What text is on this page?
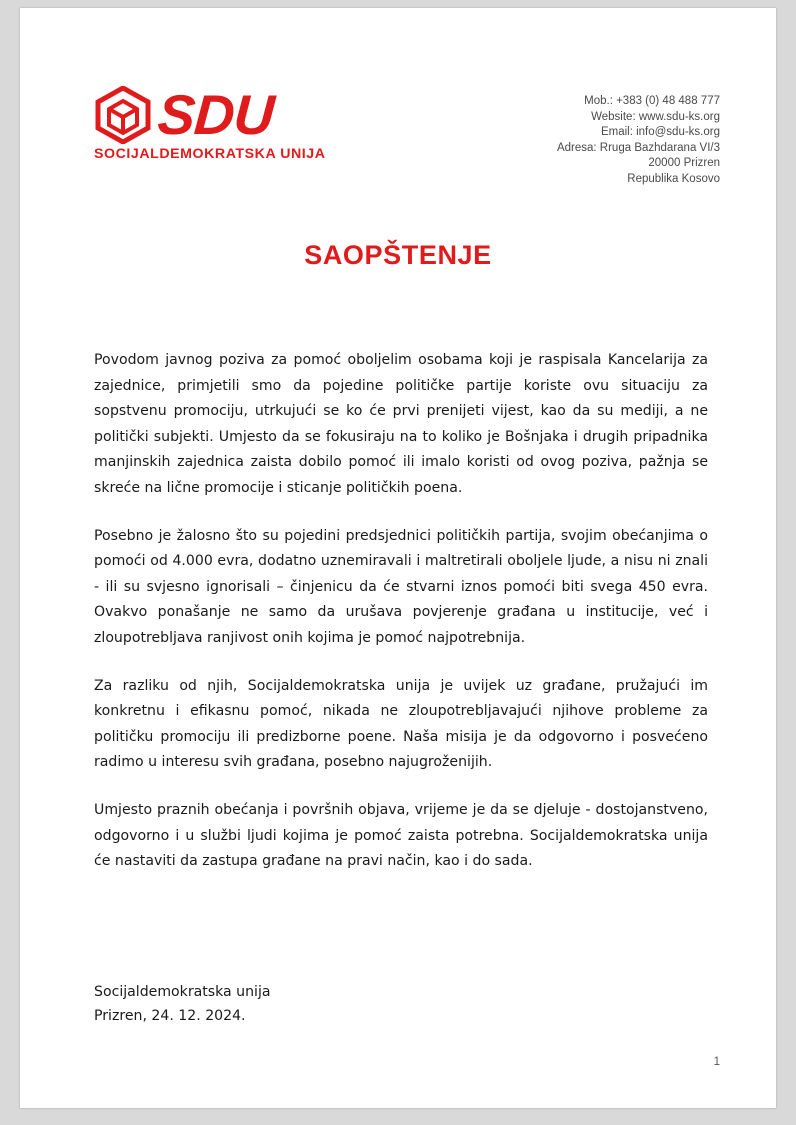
SDU
SOCIJALDEMOKRATSKA UNIJA
Mob.: +383 (0) 48 488 777
Website: www.sdu-ks.org
Email: info@sdu-ks.org
Adresa: Rruga Bazhdarana VI/3
20000 Prizren
Republika Kosovo
SAOPŠTENJE

Povodom javnog poziva za pomoć oboljelim osobama koji je raspisala Kancelarija za zajednice, primjetili smo da pojedine političke partije koriste ovu situaciju za sopstvenu promociju, utrkujući se ko će prvi prenijeti vijest, kao da su mediji, a ne politički subjekti. Umjesto da se fokusiraju na to koliko je Bošnjaka i drugih pripadnika manjinskih zajednica zaista dobilo pomoć ili imalo koristi od ovog poziva, pažnja se skreće na lične promocije i sticanje političkih poena.

Posebno je žalosno što su pojedini predsjednici političkih partija, svojim obećanjima o pomoći od 4.000 evra, dodatno uznemiravali i maltretirali oboljele ljude, a nisu ni znali - ili su svjesno ignorisali – činjenicu da će stvarni iznos pomoći biti svega 450 evra. Ovakvo ponašanje ne samo da urušava povjerenje građana u institucije, već i zloupotrebljava ranjivost onih kojima je pomoć najpotrebnija.

Za razliku od njih, Socijaldemokratska unija je uvijek uz građane, pružajući im konkretnu i efikasnu pomoć, nikada ne zloupotrebljavajući njihove probleme za političku promociju ili predizborne poene. Naša misija je da odgovorno i posvećeno radimo u interesu svih građana, posebno najugroženijih.

Umjesto praznih obećanja i površnih objava, vrijeme je da se djeluje - dostojanstveno, odgovorno i u službi ljudi kojima je pomoć zaista potrebna. Socijaldemokratska unija će nastaviti da zastupa građane na pravi način, kao i do sada.

Socijaldemokratska unija
Prizren, 24. 12. 2024.
1
